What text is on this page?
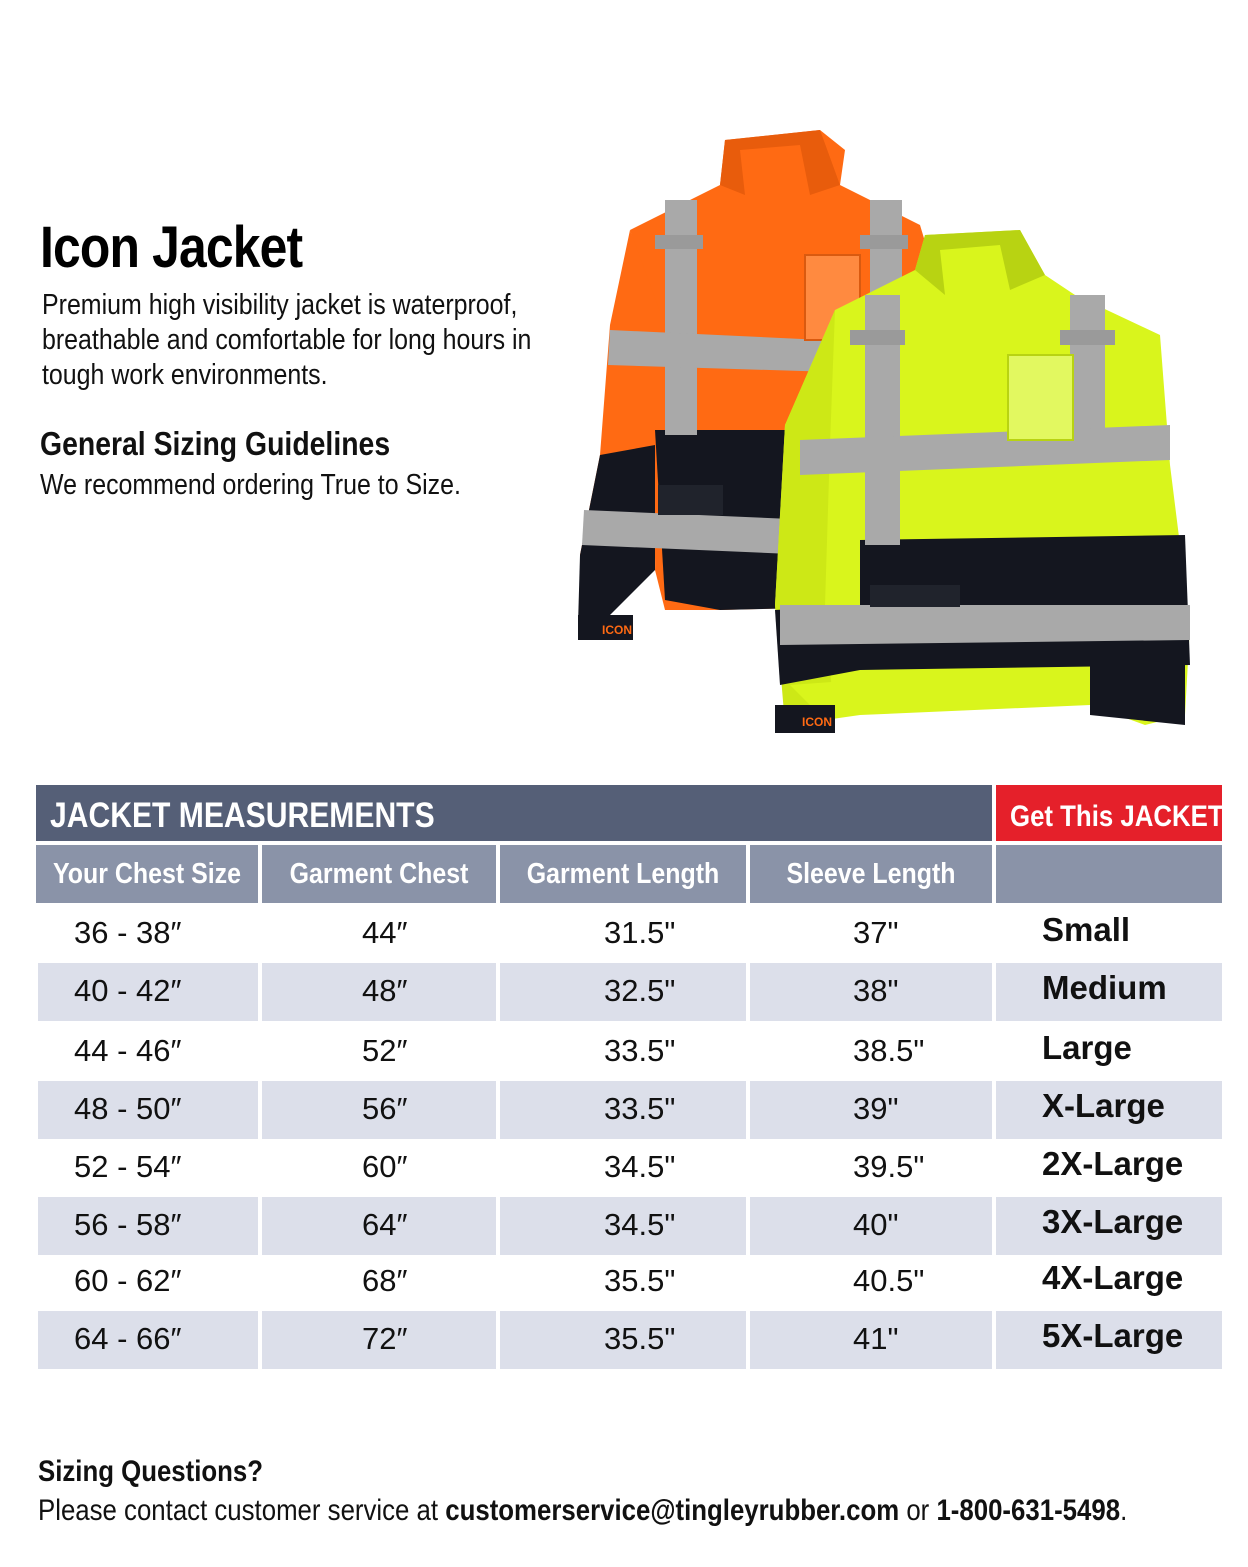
Icon Jacket

Premium high visibility jacket is waterproof, breathable and comfortable for long hours in tough work environments.

General Sizing Guidelines

We recommend ordering True to Size.

ICON
ICON
JACKET MEASUREMENTS	Get This JACKET
Your Chest Size	Garment Chest	Garment Length	Sleeve Length
36 - 38″	44″	31.5"	37"	Small
40 - 42″	48″	32.5"	38"	Medium
44 - 46″	52″	33.5"	38.5"	Large
48 - 50″	56″	33.5"	39"	X-Large
52 - 54″	60″	34.5"	39.5"	2X-Large
56 - 58″	64″	34.5"	40"	3X-Large
60 - 62″	68″	35.5"	40.5"	4X-Large
64 - 66″	72″	35.5"	41"	5X-Large
Sizing Questions?

Please contact customer service at customerservice@tingleyrubber.com or 1-800-631-5498.
